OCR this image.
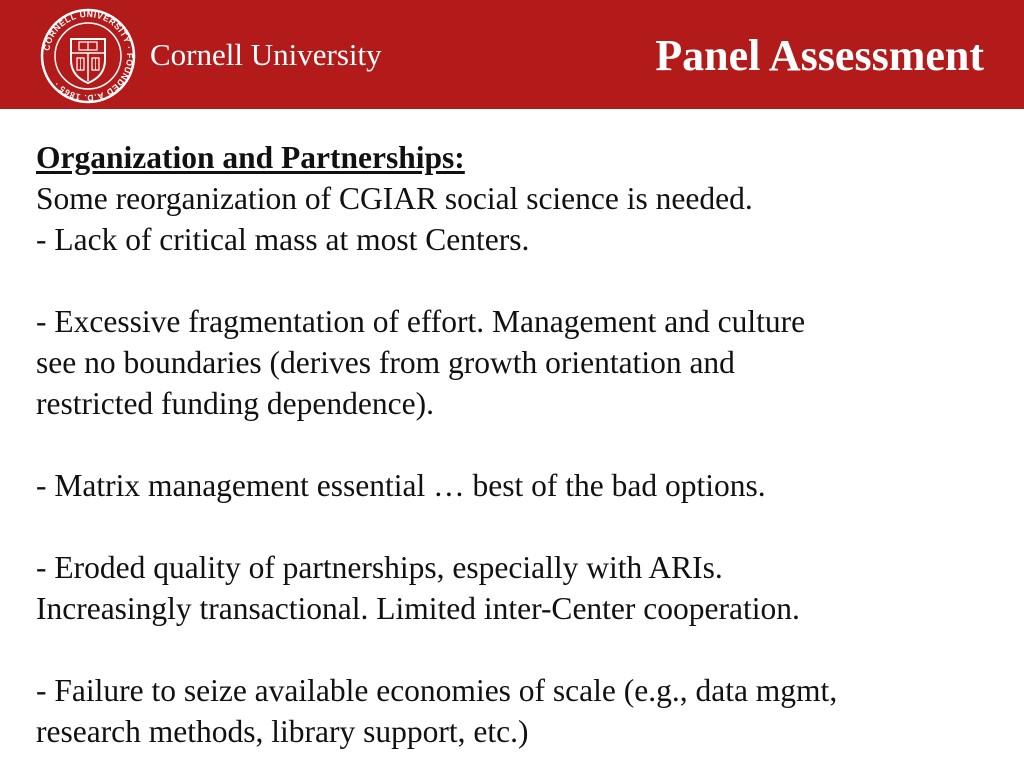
CORNELL UNIVERSITY · FOUNDED A.D. 1865 ·
Cornell University	Panel Assessment
Organization and Partnerships:
Some reorganization of CGIAR social science is needed.
- Lack of critical mass at most Centers.
- Excessive fragmentation of effort. Management and culture
see no boundaries (derives from growth orientation and
restricted funding dependence).
- Matrix management essential … best of the bad options.
- Eroded quality of partnerships, especially with ARIs.
Increasingly transactional. Limited inter-Center cooperation.
- Failure to seize available economies of scale (e.g., data mgmt,
research methods, library support, etc.)
